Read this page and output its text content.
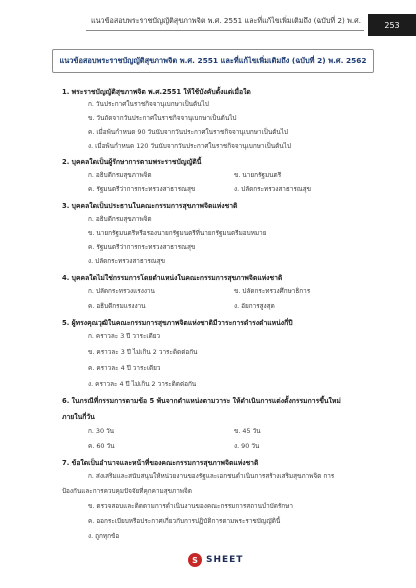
แนวข้อสอบพระราชบัญญัติสุขภาพจิต พ.ศ. 2551 และที่แก้ไขเพิ่มเติมถึง (ฉบับที่ 2) พ.ศ.	253
แนวข้อสอบพระราชบัญญัติสุขภาพจิต พ.ศ. 2551 และที่แก้ไขเพิ่มเติมถึง (ฉบับที่ 2) พ.ศ. 2562
1. พระราชบัญญัติสุขภาพจิต พ.ศ.2551 ให้ใช้บังคับตั้งแต่เมื่อใด
ก. วันประกาศในราชกิจจานุเบกษาเป็นต้นไป
ข. วันถัดจากวันประกาศในราชกิจจานุเบกษาเป็นต้นไป
ค. เมื่อพ้นกำหนด 90 วันนับจากวันประกาศในราชกิจจานุเบกษาเป็นต้นไป
ง. เมื่อพ้นกำหนด 120 วันนับจากวันประกาศในราชกิจจานุเบกษาเป็นต้นไป
2. บุคคลใดเป็นผู้รักษาการตามพระราชบัญญัตินี้
ก. อธิบดีกรมสุขภาพจิต	ข. นายกรัฐมนตรี
ค. รัฐมนตรีว่าการกระทรวงสาธารณสุข	ง. ปลัดกระทรวงสาธารณสุข
3. บุคคลใดเป็นประธานในคณะกรรมการสุขภาพจิตแห่งชาติ
ก. อธิบดีกรมสุขภาพจิต
ข. นายกรัฐมนตรีหรือรองนายกรัฐมนตรีที่นายกรัฐมนตรีมอบหมาย
ค. รัฐมนตรีว่าการกระทรวงสาธารณสุข
ง. ปลัดกระทรวงสาธารณสุข
4. บุคคลใดไม่ใช่กรรมการโดยตำแหน่งในคณะกรรมการสุขภาพจิตแห่งชาติ
ก. ปลัดกระทรวงแรงงาน	ข. ปลัดกระทรวงศึกษาธิการ
ค. อธิบดีกรมแรงงาน	ง. อัยการสูงสุด
5. ผู้ทรงคุณวุฒิในคณะกรรมการสุขภาพจิตแห่งชาติมีวาระการดำรงตำแหน่งกี่ปี
ก. คราวละ 3 ปี วาระเดียว
ข. คราวละ 3 ปี ไม่เกิน 2 วาระติดต่อกัน
ค. คราวละ 4 ปี วาระเดียว
ง. คราวละ 4 ปี ไม่เกิน 2 วาระติดต่อกัน
6. ในกรณีที่กรรมการตามข้อ 5 พ้นจากตำแหน่งตามวาระ ให้ดำเนินการแต่งตั้งกรรมการขึ้นใหม่
ภายในกี่วัน
ก. 30 วัน	ข. 45 วัน
ค. 60 วัน	ง. 90 วัน
7. ข้อใดเป็นอำนาจและหน้าที่ของคณะกรรมการสุขภาพจิตแห่งชาติ
ก. ส่งเสริมและสนับสนุนให้หน่วยงานของรัฐและเอกชนดำเนินการสร้างเสริมสุขภาพจิต การ
ป้องกันและการควบคุมปัจจัยที่คุกคามสุขภาพจิต
ข. ตรวจสอบและติดตามการดำเนินงานของคณะกรรมการสถานบำบัดรักษา
ค. ออกระเบียบหรือประกาศเกี่ยวกับการปฏิบัติการตามพระราชบัญญัตินี้
ง. ถูกทุกข้อ
S SHEET
